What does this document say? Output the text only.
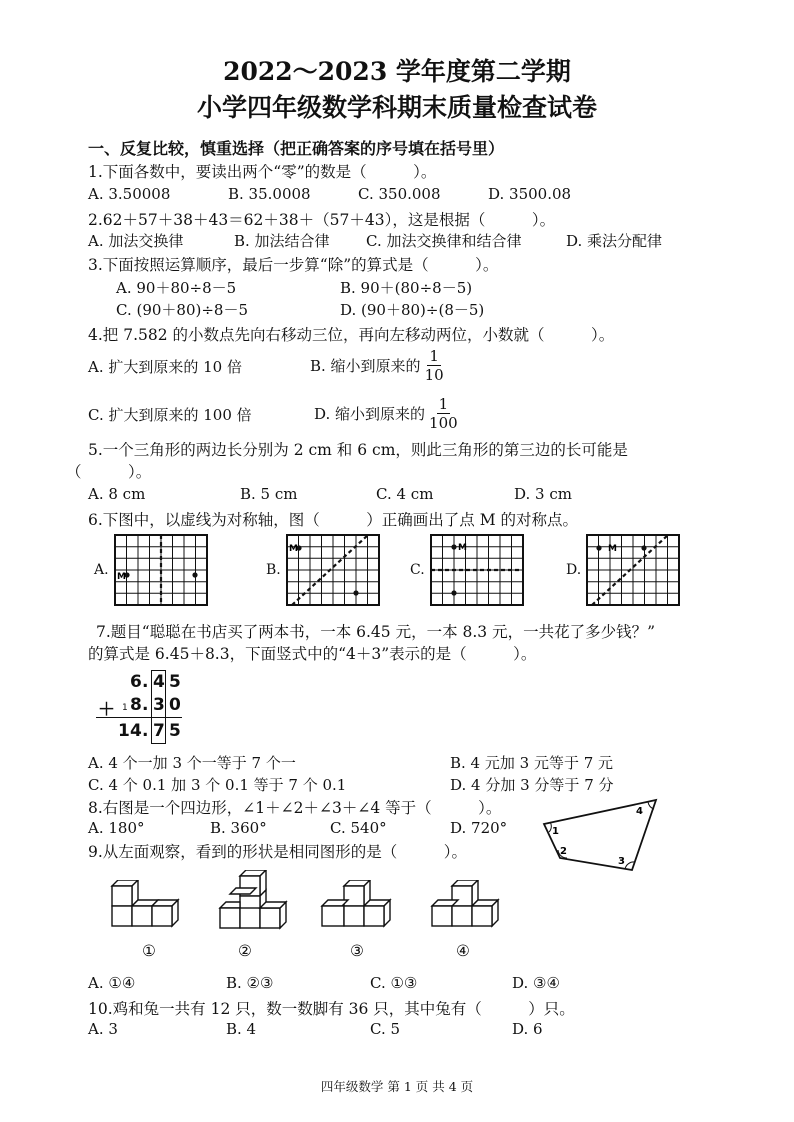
2022～2023 学年度第二学期
小学四年级数学科期末质量检查试卷
一、反复比较，慎重选择（把正确答案的序号填在括号里）
1.下面各数中，要读出两个“零”的数是（　　　）。
A. 3.50008	B. 35.0008	C. 350.008	D. 3500.08
2.62＋57＋38＋43＝62＋38＋（57＋43），这是根据（　　　）。
A. 加法交换律	B. 加法结合律 C. 加法交换律和结合律	D. 乘法分配律
3.下面按照运算顺序，最后一步算“除”的算式是（　　　）。
A. 90＋80÷8－5	B. 90＋(80÷8－5)
C. (90＋80)÷8－5	D. (90＋80)÷(8－5)
4.把 7.582 的小数点先向右移动三位，再向左移动两位，小数就（　　　）。
A. 扩大到原来的 10 倍	B. 缩小到原来的 $\frac{1}{10}$
C. 扩大到原来的 100 倍	D. 缩小到原来的 $\frac{1}{100}$
5.一个三角形的两边长分别为 2 cm 和 6 cm，则此三角形的第三边的长可能是
（　　　）。
A. 8 cm	B. 5 cm	C. 4 cm	D. 3 cm
6.下图中，以虚线为对称轴，图（　　　）正确画出了点 M 的对称点。
A.	B.	C.	D.
M
M	M	M
7.题目“聪聪在书店买了两本书，一本 6.45 元，一本 8.3 元，一共花了多少钱？”
的算式是 6.45＋8.3，下面竖式中的“4＋3”表示的是（　　　）。
6 . 4 5
＋ 1 8 . 3 0
1 4 . 7 5
A. 4 个一加 3 个一等于 7 个一	B. 4 元加 3 元等于 7 元
C. 4 个 0.1 加 3 个 0.1 等于 7 个 0.1	D. 4 分加 3 分等于 7 分
8.右图是一个四边形，∠1＋∠2＋∠3＋∠4 等于（　　　）。
A. 180°	B. 360°	C. 540°	D. 720°	1
2
3
4
9.从左面观察，看到的形状是相同图形的是（　　　）。
①	②	③	④
A. ①④	B. ②③	C. ①③	D. ③④
10.鸡和兔一共有 12 只，数一数脚有 36 只，其中兔有（　　　）只。
A. 3	B. 4	C. 5	D. 6
四年级数学 第 1 页 共 4 页
